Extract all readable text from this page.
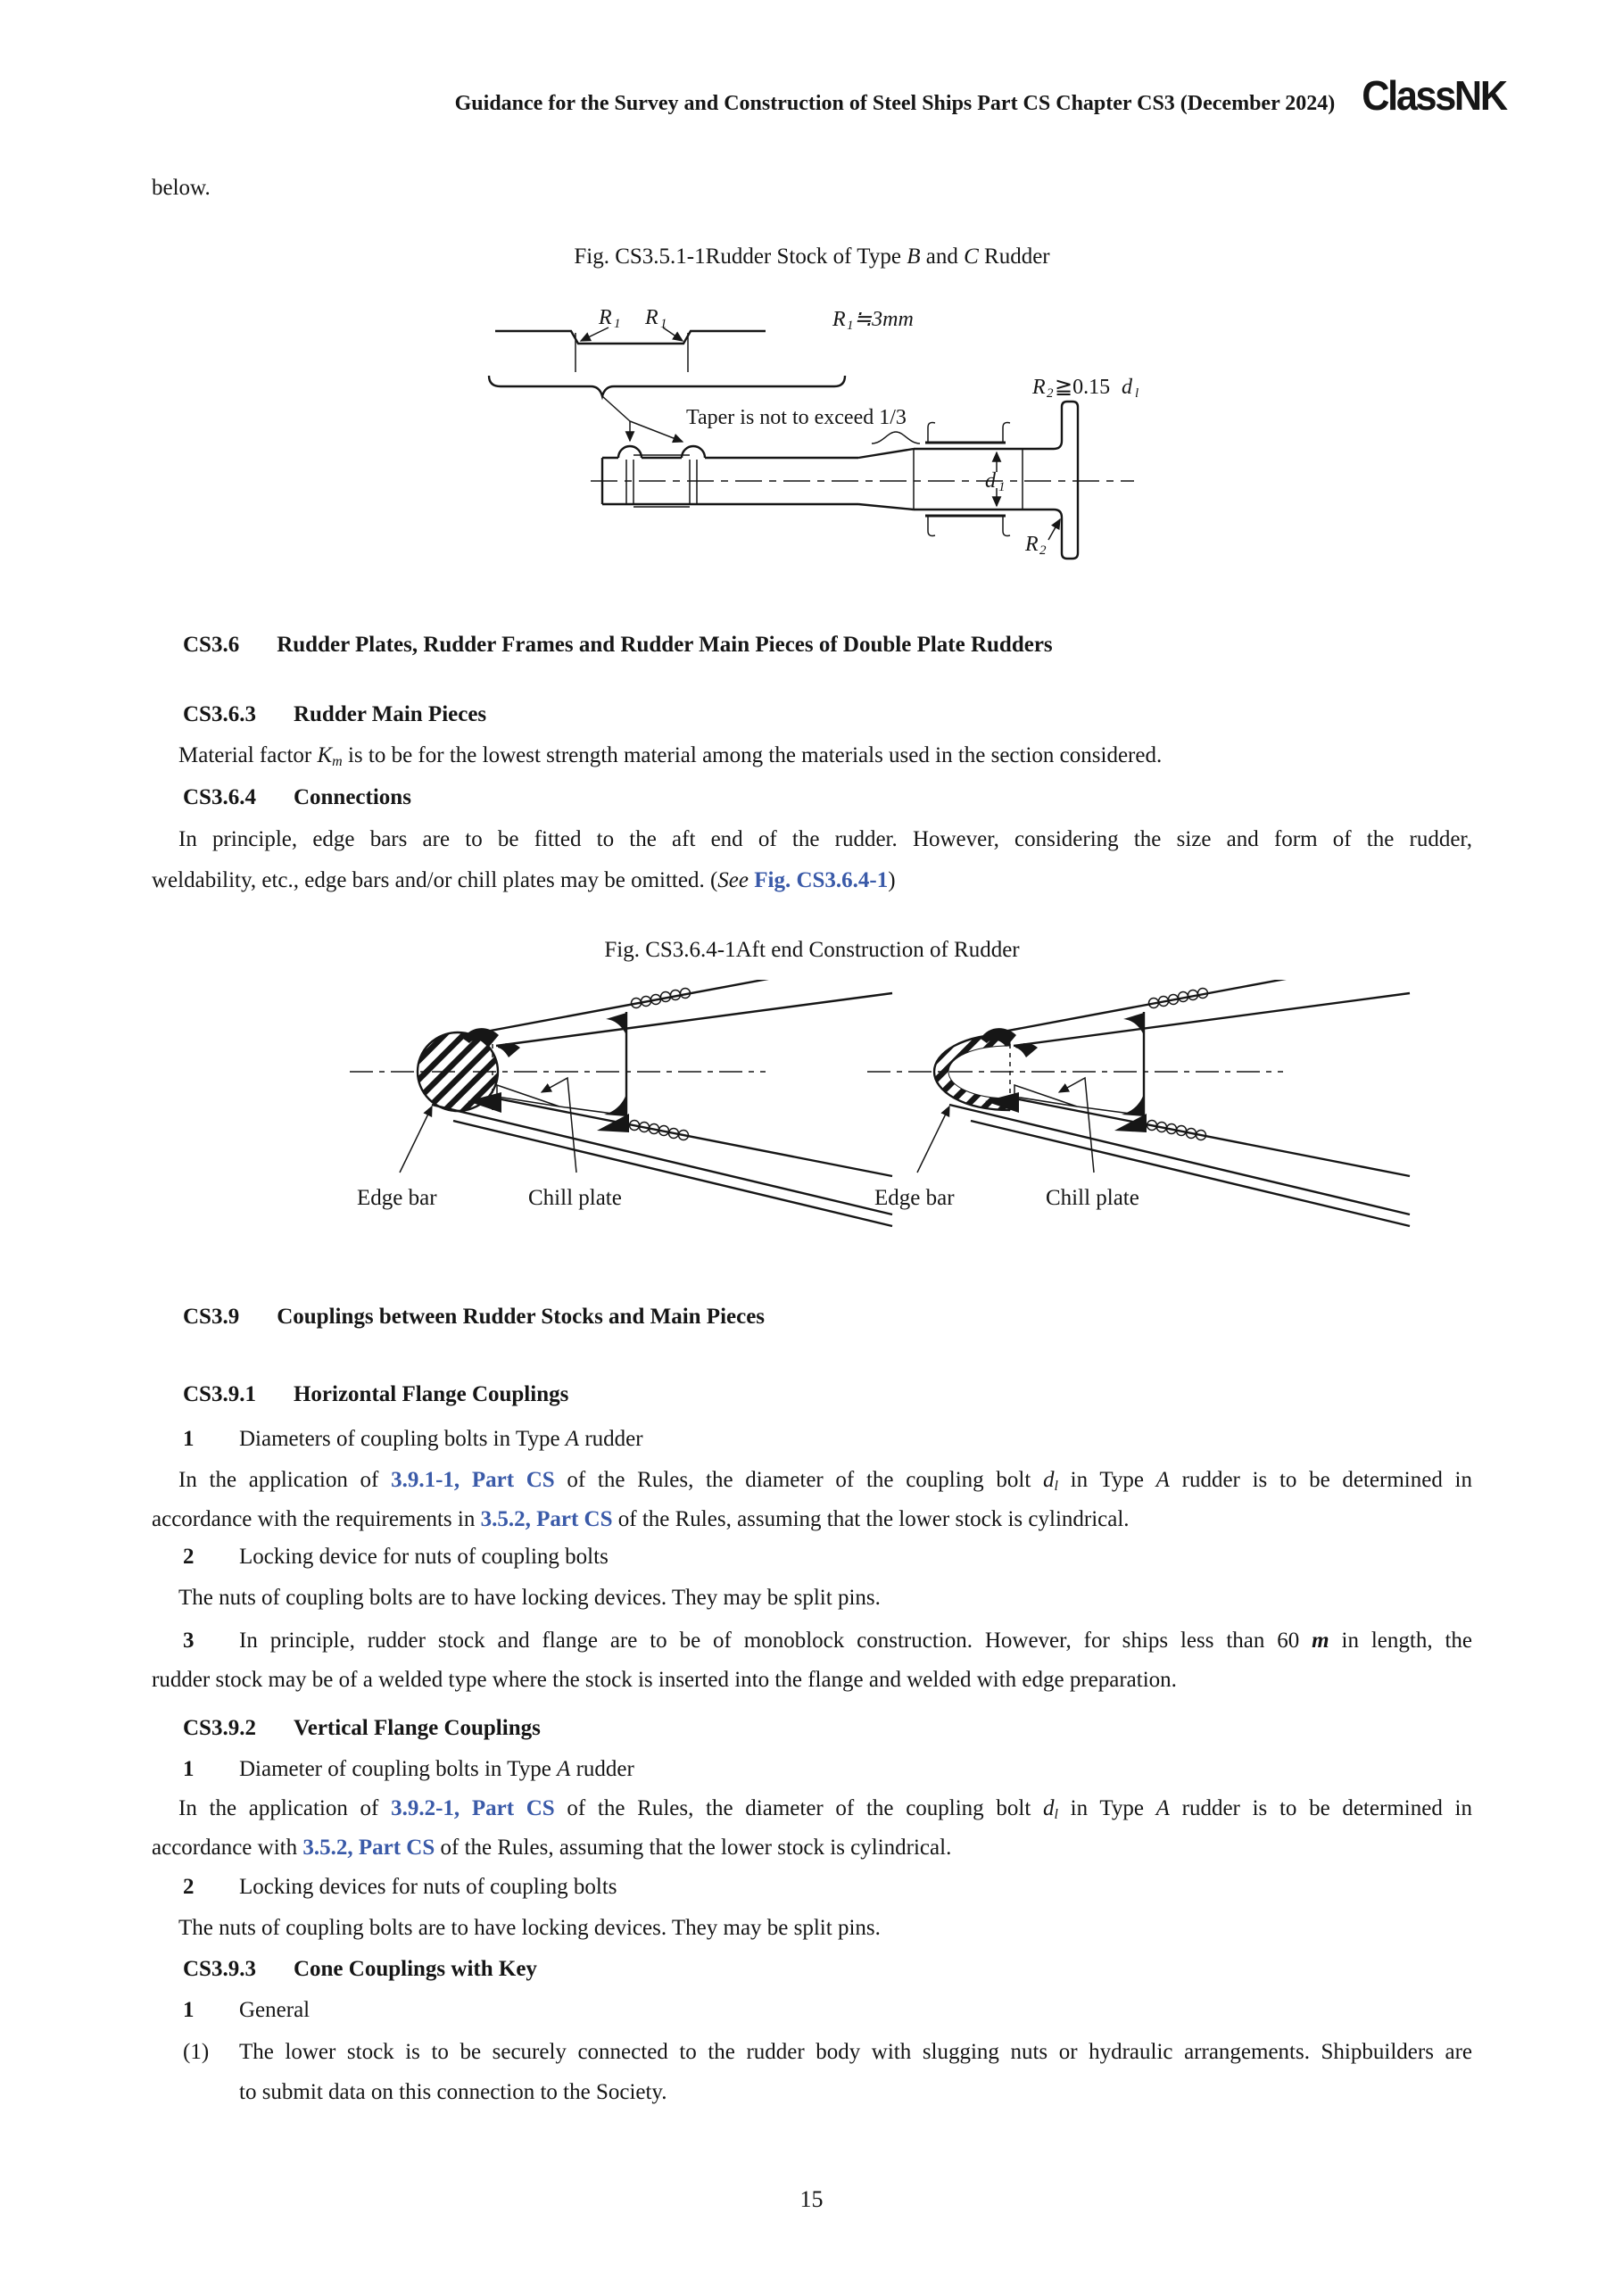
Guidance for the Survey and Construction of Steel Ships Part CS Chapter CS3 (December 2024) ClassNK
below.
Fig. CS3.5.1-1Rudder Stock of Type B and C Rudder
R 1 R 1	R 1 ≒3mm
Taper is not to exceed 1/3
R 2 ≧0.15 d l
d 1
R 2
CS3.6 Rudder Plates, Rudder Frames and Rudder Main Pieces of Double Plate Rudders
CS3.6.3 Rudder Main Pieces
Material factor Km is to be for the lowest strength material among the materials used in the section considered.
CS3.6.4 Connections
In principle, edge bars are to be fitted to the aft end of the rudder. However, considering the size and form of the rudder,
weldability, etc., edge bars and/or chill plates may be omitted. (See Fig. CS3.6.4-1)
Fig. CS3.6.4-1Aft end Construction of Rudder
Edge bar	Chill plate	Edge bar	Chill plate
CS3.9 Couplings between Rudder Stocks and Main Pieces
CS3.9.1 Horizontal Flange Couplings
1 Diameters of coupling bolts in Type A rudder
In the application of 3.9.1-1, Part CS of the Rules, the diameter of the coupling bolt dl in Type A rudder is to be determined in
accordance with the requirements in 3.5.2, Part CS of the Rules, assuming that the lower stock is cylindrical.
2 Locking device for nuts of coupling bolts
The nuts of coupling bolts are to have locking devices. They may be split pins.
3 In principle, rudder stock and flange are to be of monoblock construction. However, for ships less than 60 m in length, the
rudder stock may be of a welded type where the stock is inserted into the flange and welded with edge preparation.
CS3.9.2 Vertical Flange Couplings
1 Diameter of coupling bolts in Type A rudder
In the application of 3.9.2-1, Part CS of the Rules, the diameter of the coupling bolt dl in Type A rudder is to be determined in
accordance with 3.5.2, Part CS of the Rules, assuming that the lower stock is cylindrical.
2 Locking devices for nuts of coupling bolts
The nuts of coupling bolts are to have locking devices. They may be split pins.
CS3.9.3 Cone Couplings with Key
1 General
(1) The lower stock is to be securely connected to the rudder body with slugging nuts or hydraulic arrangements. Shipbuilders are
to submit data on this connection to the Society.
15
